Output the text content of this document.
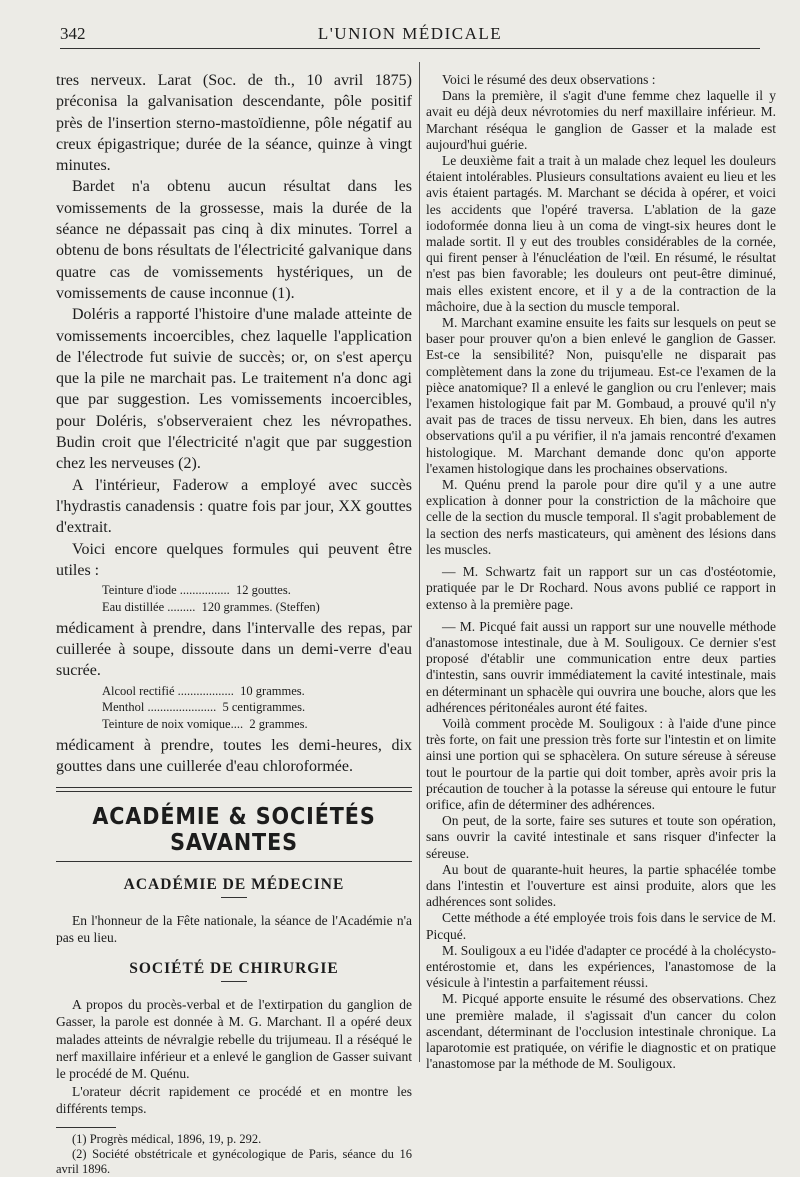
342	L'UNION MÉDICALE

tres nerveux. Larat (Soc. de th., 10 avril 1875) préconisa la galvanisation descendante, pôle positif près de l'insertion sterno-mastoïdienne, pôle négatif au creux épigastrique; durée de la séance, quinze à vingt minutes.

Bardet n'a obtenu aucun résultat dans les vomissements de la grossesse, mais la durée de la séance ne dépassait pas cinq à dix minutes. Torrel a obtenu de bons résultats de l'électricité galvanique dans quatre cas de vomissements hystériques, un de vomissements de cause inconnue (1).

Doléris a rapporté l'histoire d'une malade atteinte de vomissements incoercibles, chez laquelle l'application de l'électrode fut suivie de succès; or, on s'est aperçu que la pile ne marchait pas. Le traitement n'a donc agi que par suggestion. Les vomissements incoercibles, pour Doléris, s'observeraient chez les névropathes. Budin croit que l'électricité n'agit que par suggestion chez les nerveuses (2).

A l'intérieur, Faderow a employé avec succès l'hydrastis canadensis : quatre fois par jour, XX gouttes d'extrait.

Voici encore quelques formules qui peuvent être utiles :

Teinture d'iode ................  12 gouttes.
Eau distillée .........  120 grammes. (Steffen)

médicament à prendre, dans l'intervalle des repas, par cuillerée à soupe, dissoute dans un demi-verre d'eau sucrée.

Alcool rectifié ..................  10 grammes.
Menthol ......................  5 centigrammes.
Teinture de noix vomique....  2 grammes.

médicament à prendre, toutes les demi-heures, dix gouttes dans une cuillerée d'eau chloroformée.

ACADÉMIE & SOCIÉTÉS SAVANTES
ACADÉMIE DE MÉDECINE

En l'honneur de la Fête nationale, la séance de l'Académie n'a pas eu lieu.

SOCIÉTÉ DE CHIRURGIE

A propos du procès-verbal et de l'extirpation du ganglion de Gasser, la parole est donnée à M. G. Marchant. Il a opéré deux malades atteints de névralgie rebelle du trijumeau. Il a réséqué le nerf maxillaire inférieur et a enlevé le ganglion de Gasser suivant le procédé de M. Quénu.

L'orateur décrit rapidement ce procédé et en montre les différents temps.

(1) Progrès médical, 1896, 19, p. 292.

(2) Société obstétricale et gynécologique de Paris, séance du 16 avril 1896.

Voici le résumé des deux observations :

Dans la première, il s'agit d'une femme chez laquelle il y avait eu déjà deux névrotomies du nerf maxillaire inférieur. M. Marchant réséqua le ganglion de Gasser et la malade est aujourd'hui guérie.

Le deuxième fait a trait à un malade chez lequel les douleurs étaient intolérables. Plusieurs consultations avaient eu lieu et les avis étaient partagés. M. Marchant se décida à opérer, et voici les accidents que l'opéré traversa. L'ablation de la gaze iodoformée donna lieu à un coma de vingt-six heures dont le malade sortit. Il y eut des troubles considérables de la cornée, qui firent penser à l'énucléation de l'œil. En résumé, le résultat n'est pas bien favorable; les douleurs ont peut-être diminué, mais elles existent encore, et il y a de la contraction de la mâchoire, due à la section du muscle temporal.

M. Marchant examine ensuite les faits sur lesquels on peut se baser pour prouver qu'on a bien enlevé le ganglion de Gasser. Est-ce la sensibilité? Non, puisqu'elle ne disparait pas complètement dans la zone du trijumeau. Est-ce l'examen de la pièce anatomique? Il a enlevé le ganglion ou cru l'enlever; mais l'examen histologique fait par M. Gombaud, a prouvé qu'il n'y avait pas de traces de tissu nerveux. Eh bien, dans les autres observations qu'il a pu vérifier, il n'a jamais rencontré d'examen histologique. M. Marchant demande donc qu'on apporte l'examen histologique dans les prochaines observations.

M. Quénu prend la parole pour dire qu'il y a une autre explication à donner pour la constriction de la mâchoire que celle de la section du muscle temporal. Il s'agit probablement de la section des nerfs masticateurs, qui amènent des lésions dans les muscles.

— M. Schwartz fait un rapport sur un cas d'ostéotomie, pratiquée par le Dr Rochard. Nous avons publié ce rapport in extenso à la première page.

— M. Picqué fait aussi un rapport sur une nouvelle méthode d'anastomose intestinale, due à M. Souligoux. Ce dernier s'est proposé d'établir une communication entre deux parties d'intestin, sans ouvrir immédiatement la cavité intestinale, mais en déterminant un sphacèle qui ouvrira une bouche, alors que les adhérences péritonéales auront été faites.

Voilà comment procède M. Souligoux : à l'aide d'une pince très forte, on fait une pression très forte sur l'intestin et on limite ainsi une portion qui se sphacèlera. On suture séreuse à séreuse tout le pourtour de la partie qui doit tomber, après avoir pris la précaution de toucher à la potasse la séreuse qui entoure le futur orifice, afin de déterminer des adhérences.

On peut, de la sorte, faire ses sutures et toute son opération, sans ouvrir la cavité intestinale et sans risquer d'infecter la séreuse.

Au bout de quarante-huit heures, la partie sphacélée tombe dans l'intestin et l'ouverture est ainsi produite, alors que les adhérences sont solides.

Cette méthode a été employée trois fois dans le service de M. Picqué.

M. Souligoux a eu l'idée d'adapter ce procédé à la cholécysto-entérostomie et, dans les expériences, l'anastomose de la vésicule à l'intestin a parfaitement réussi.

M. Picqué apporte ensuite le résumé des observations. Chez une première malade, il s'agissait d'un cancer du colon ascendant, déterminant de l'occlusion intestinale chronique. La laparotomie est pratiquée, on vérifie le diagnostic et on pratique l'anastomose par la méthode de M. Souligoux.
